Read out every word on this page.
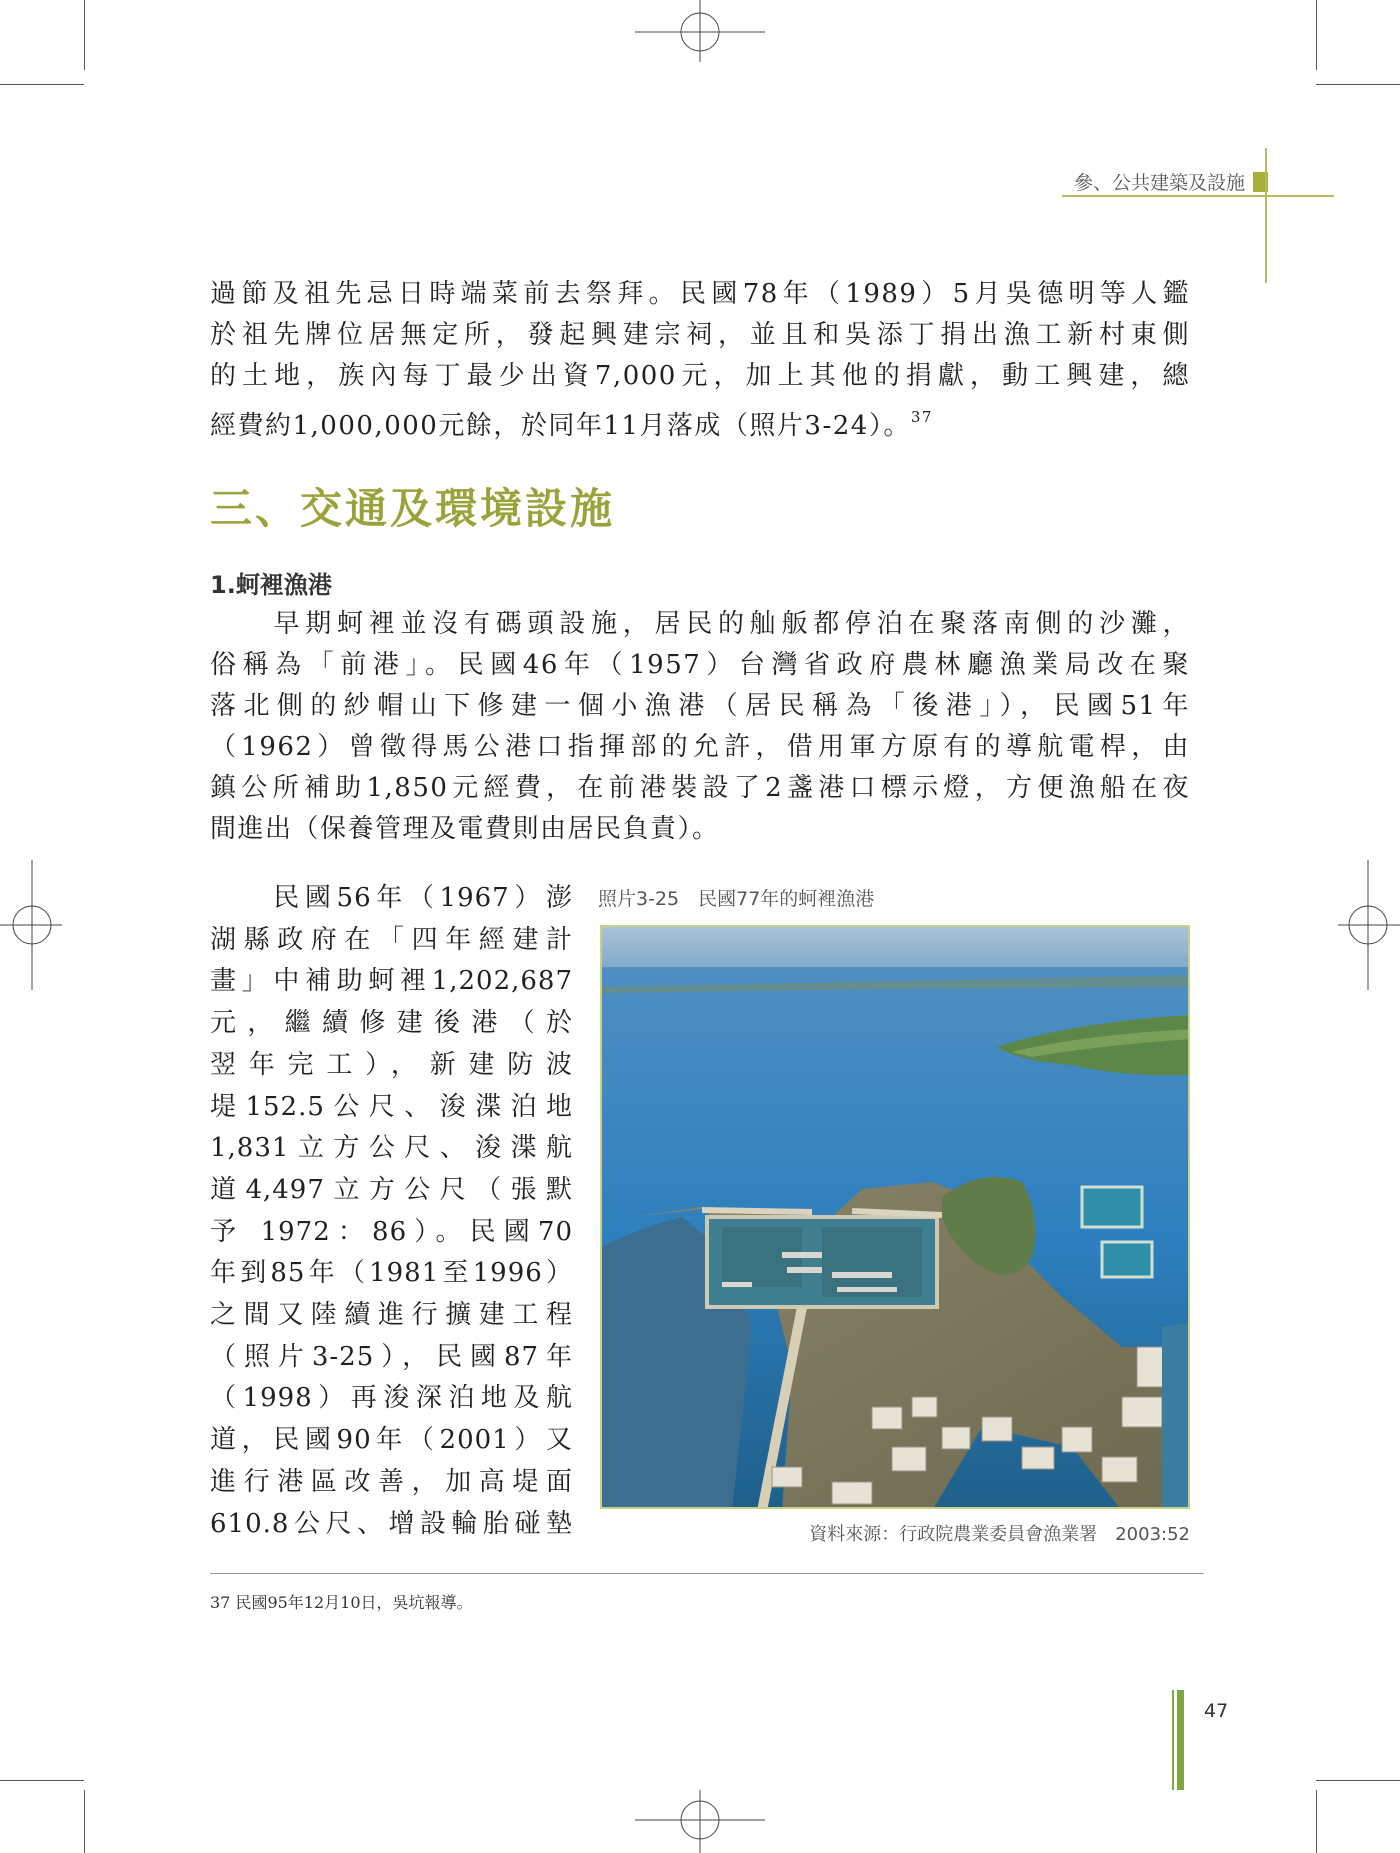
參、公共建築及設施
過節及祖先忌日時端菜前去祭拜。民國78年（1989）5月吳德明等人鑑
於祖先牌位居無定所，發起興建宗祠，並且和吳添丁捐出漁工新村東側
的土地，族內每丁最少出資7,000元，加上其他的捐獻，動工興建，總
經費約1,000,000元餘，於同年11月落成（照片3-24）。$^{37}$
三、交通及環境設施
1.蚵裡漁港
　　早期蚵裡並沒有碼頭設施，居民的舢舨都停泊在聚落南側的沙灘，
俗稱為「前港」。民國46年（1957）台灣省政府農林廳漁業局改在聚
落北側的紗帽山下修建一個小漁港（居民稱為「後港」），民國51年
（1962）曾徵得馬公港口指揮部的允許，借用軍方原有的導航電桿，由
鎮公所補助1,850元經費，在前港裝設了2盞港口標示燈，方便漁船在夜
間進出（保養管理及電費則由居民負責）。
　　民國56年（1967）澎
湖縣政府在「四年經建計
畫」中補助蚵裡1,202,687
元，繼續修建後港（於
翌年完工），新建防波
堤152.5公尺、浚渫泊地
1,831立方公尺、浚渫航
道4,497立方公尺（張默
予 1972：86）。民國70
年到85年（1981至1996）
之間又陸續進行擴建工程
（照片3-25），民國87年
（1998）再浚深泊地及航
道，民國90年（2001）又
進行港區改善，加高堤面
610.8公尺、增設輪胎碰墊
照片3-25　民國77年的蚵裡漁港
資料來源：行政院農業委員會漁業署　2003:52
37 民國95年12月10日，吳坑報導。
47
